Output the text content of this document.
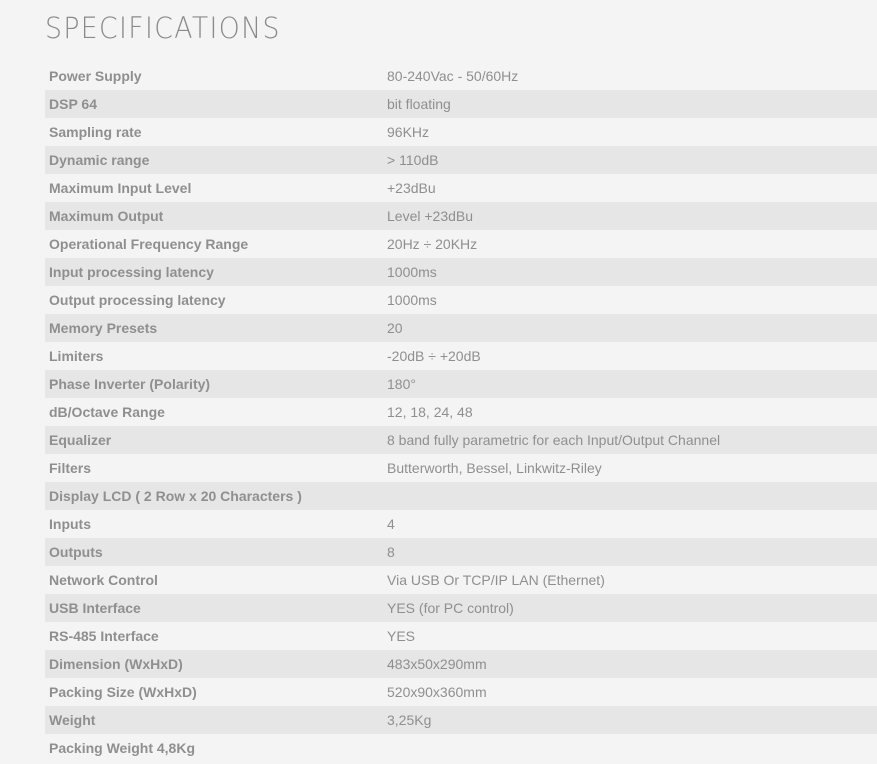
SPECIFICATIONS
Power Supply	80-240Vac - 50/60Hz
DSP 64	bit floating
Sampling rate	96KHz
Dynamic range	> 110dB
Maximum Input Level	+23dBu
Maximum Output	Level +23dBu
Operational Frequency Range	20Hz ÷ 20KHz
Input processing latency	1000ms
Output processing latency	1000ms
Memory Presets	20
Limiters	-20dB ÷ +20dB
Phase Inverter (Polarity)	180°
dB/Octave Range	12, 18, 24, 48
Equalizer	8 band fully parametric for each Input/Output Channel
Filters	Butterworth, Bessel, Linkwitz-Riley
Display LCD ( 2 Row x 20 Characters )
Inputs	4
Outputs	8
Network Control	Via USB Or TCP/IP LAN (Ethernet)
USB Interface	YES (for PC control)
RS-485 Interface	YES
Dimension (WxHxD)	483x50x290mm
Packing Size (WxHxD)	520x90x360mm
Weight	3,25Kg
Packing Weight 4,8Kg
